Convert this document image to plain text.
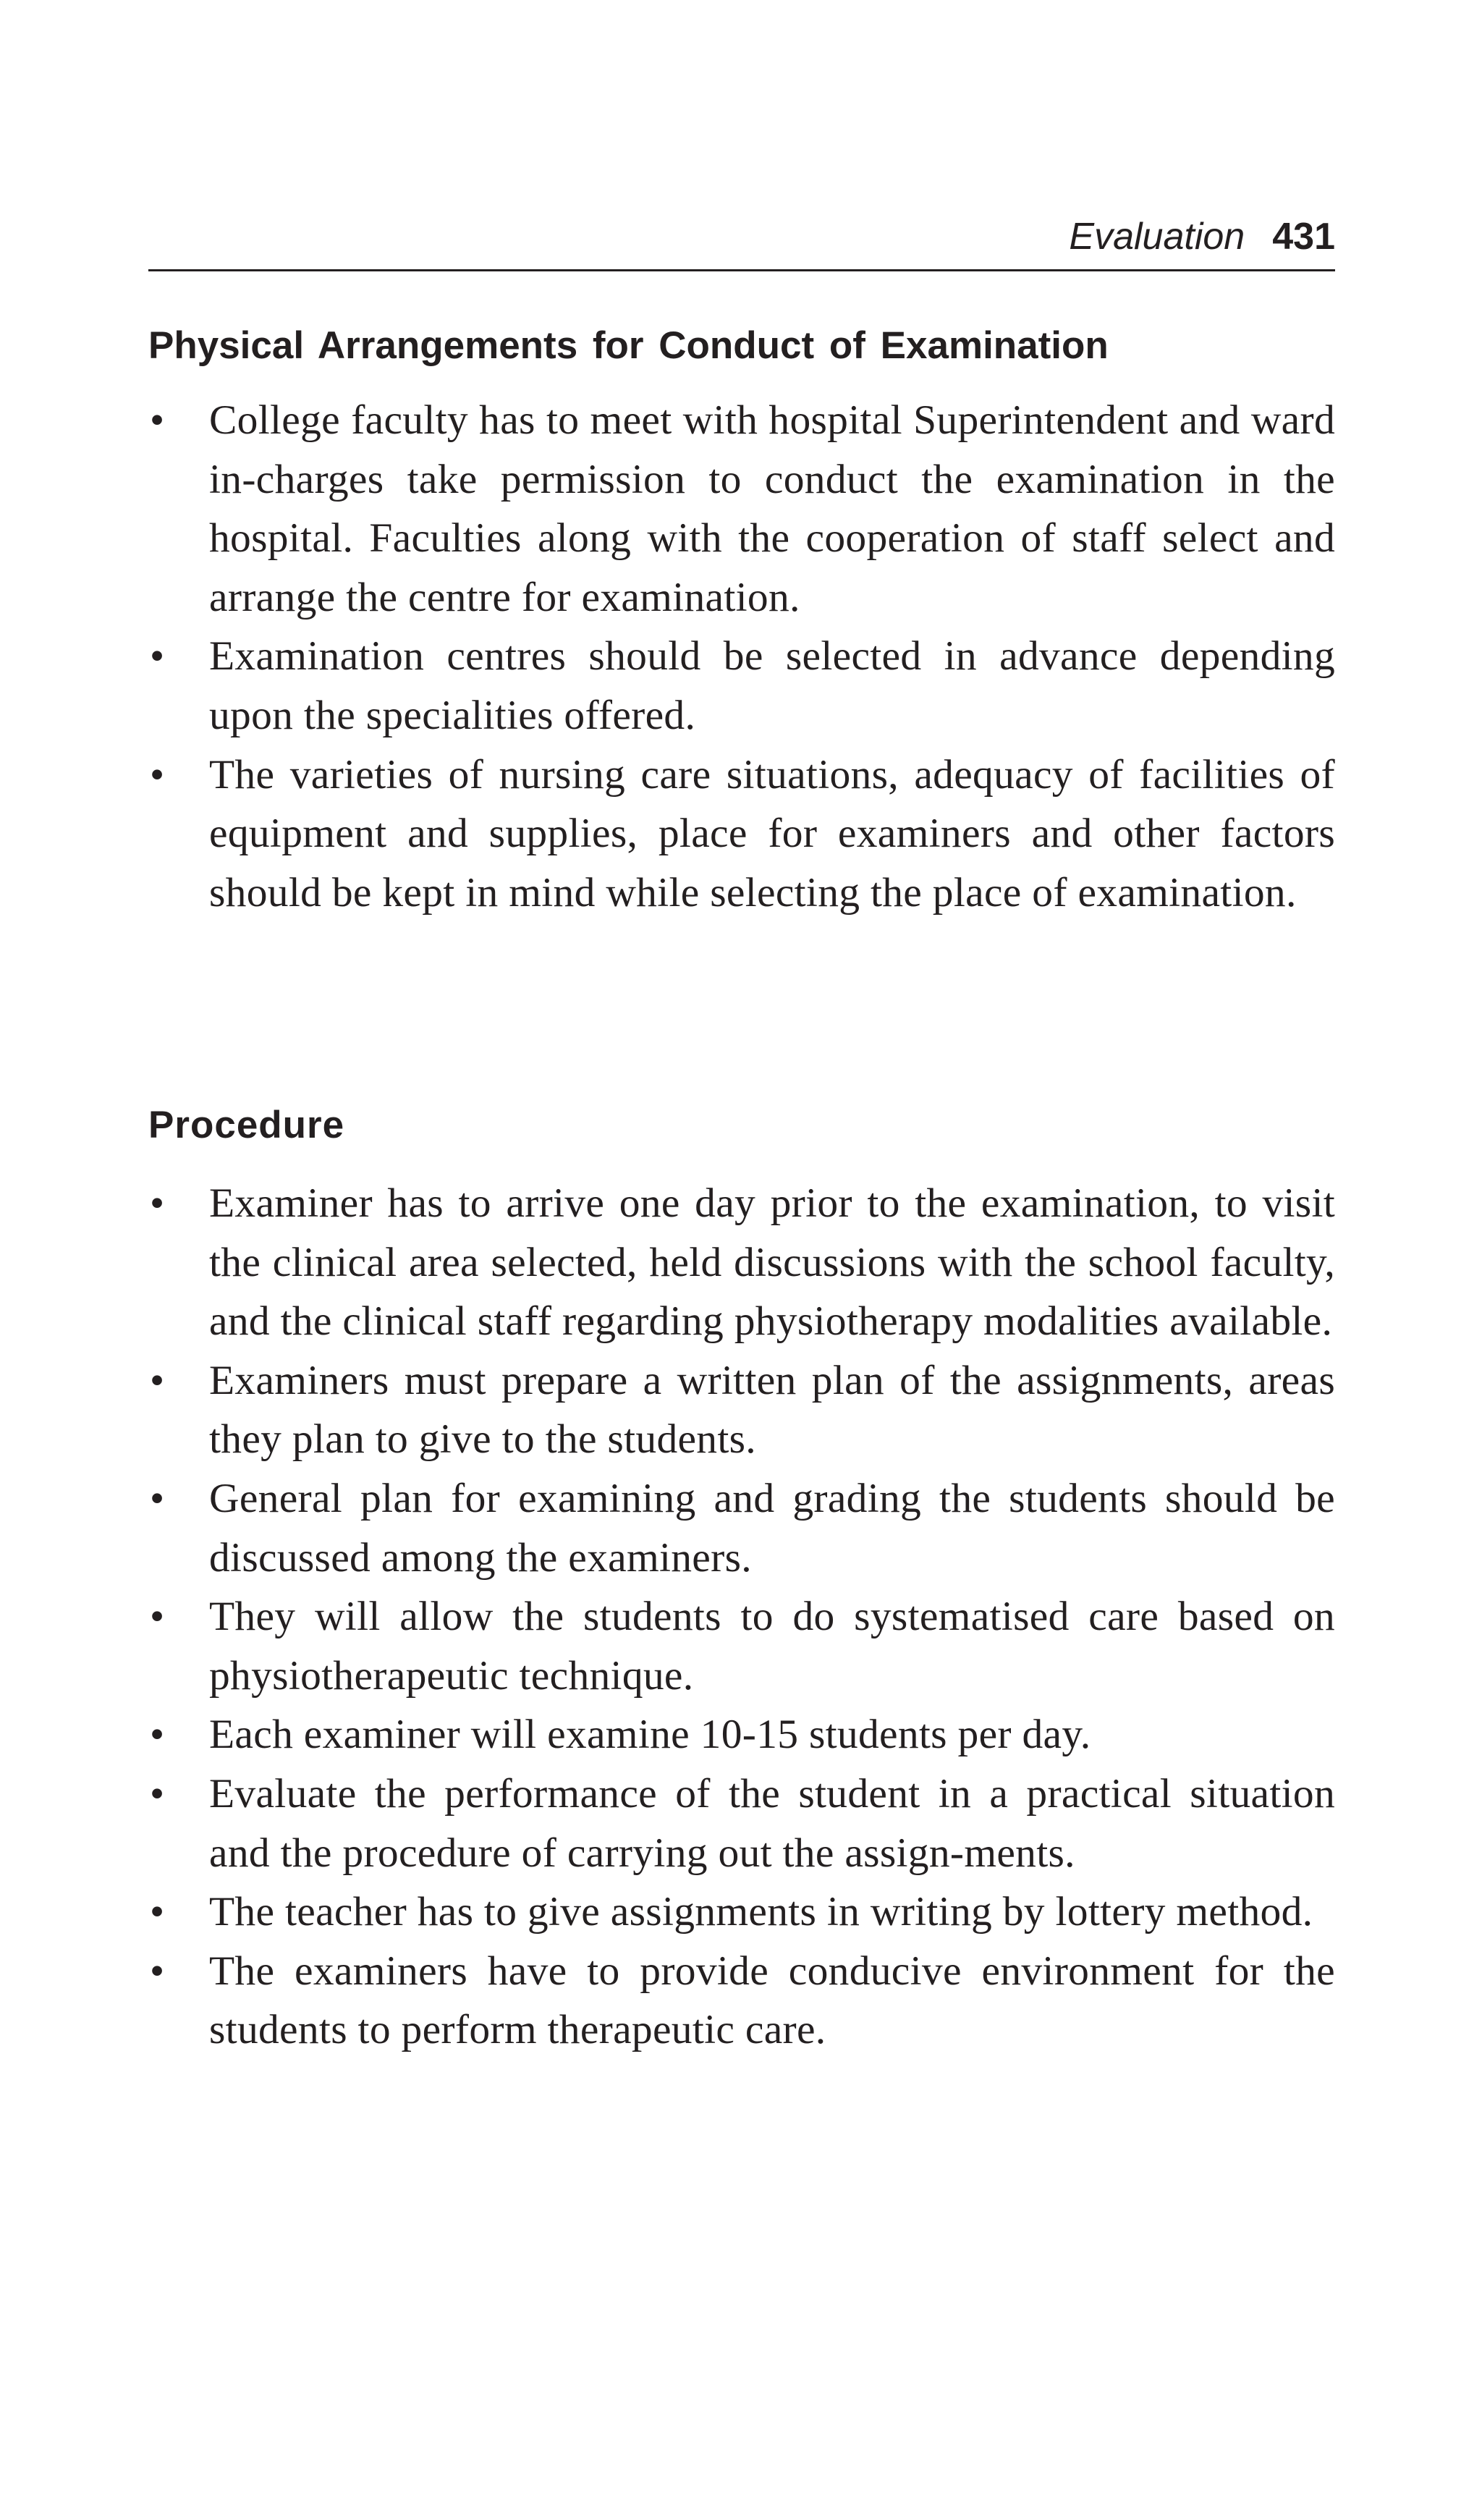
Evaluation 431
Physical Arrangements for Conduct of Examination
• College faculty has to meet with hospital Superintendent and ward in-charges take permission to conduct the examination in the hospital. Faculties along with the cooperation of staff select and arrange the centre for examination.
• Examination centres should be selected in advance depending upon the specialities offered.
• The varieties of nursing care situations, adequacy of facilities of equipment and supplies, place for examiners and other factors should be kept in mind while selecting the place of examination.
Procedure
• Examiner has to arrive one day prior to the examination, to visit the clinical area selected, held discussions with the school faculty, and the clinical staff regarding physiotherapy modalities available.
• Examiners must prepare a written plan of the assignments, areas they plan to give to the students.
• General plan for examining and grading the students should be discussed among the examiners.
• They will allow the students to do systematised care based on physiotherapeutic technique.
• Each examiner will examine 10-15 students per day.
• Evaluate the performance of the student in a practical situation and the procedure of carrying out the assign-ments.
• The teacher has to give assignments in writing by lottery method.
• The examiners have to provide conducive environment for the students to perform therapeutic care.
